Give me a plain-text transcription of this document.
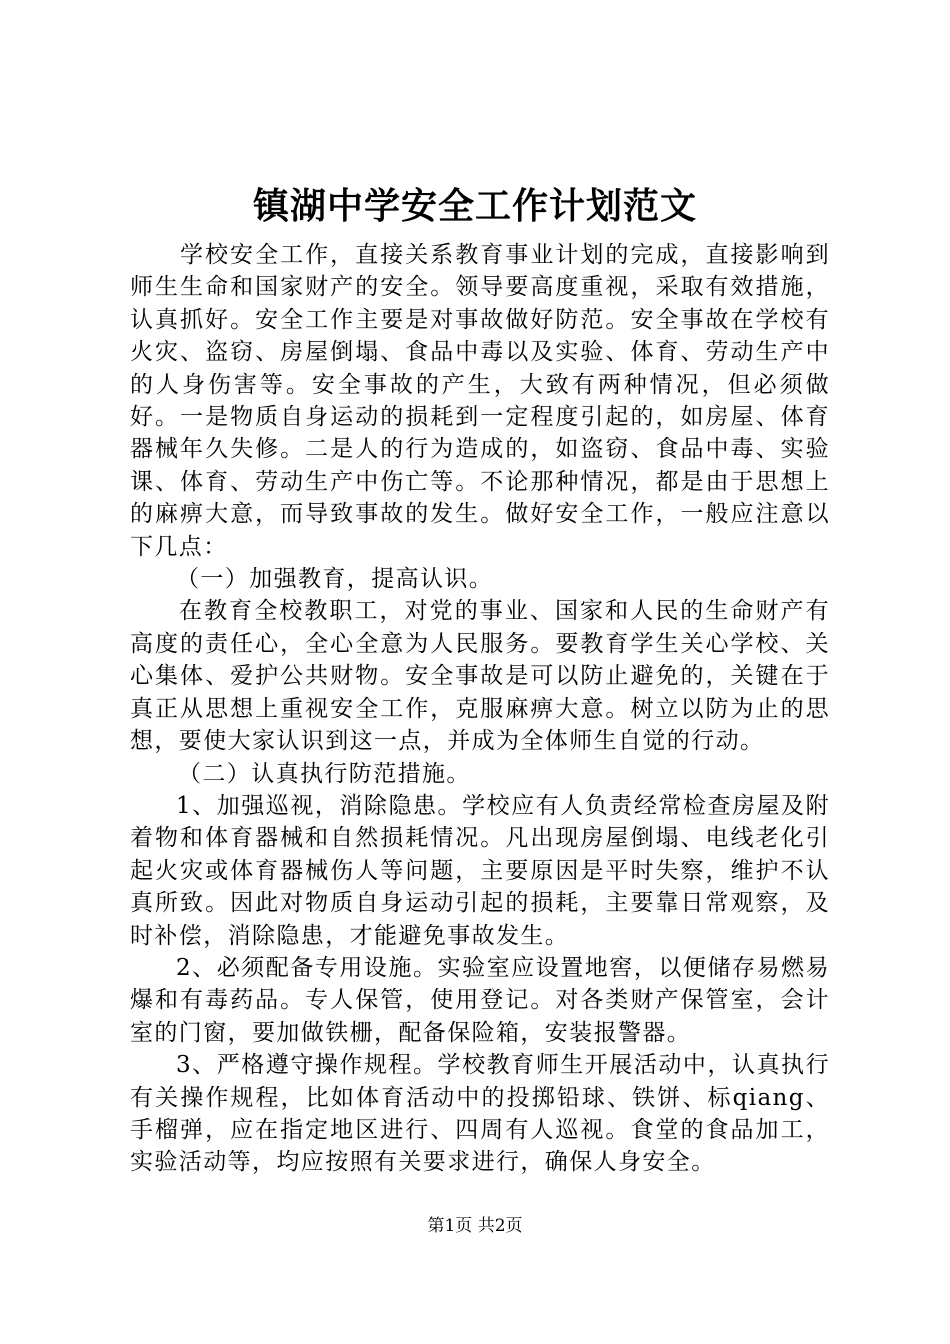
镇湖中学安全工作计划范文

学校安全工作，直接关系教育事业计划的完成，直接影响到师生生命和国家财产的安全。领导要高度重视，采取有效措施，认真抓好。安全工作主要是对事故做好防范。安全事故在学校有火灾、盗窃、房屋倒塌、食品中毒以及实验、体育、劳动生产中的人身伤害等。安全事故的产生，大致有两种情况，但必须做好。一是物质自身运动的损耗到一定程度引起的，如房屋、体育器械年久失修。二是人的行为造成的，如盗窃、食品中毒、实验课、体育、劳动生产中伤亡等。不论那种情况，都是由于思想上的麻痹大意，而导致事故的发生。做好安全工作，一般应注意以下几点：

（一）加强教育，提高认识。

在教育全校教职工，对党的事业、国家和人民的生命财产有高度的责任心，全心全意为人民服务。要教育学生关心学校、关心集体、爱护公共财物。安全事故是可以防止避免的，关键在于真正从思想上重视安全工作，克服麻痹大意。树立以防为止的思想，要使大家认识到这一点，并成为全体师生自觉的行动。

（二）认真执行防范措施。

1、加强巡视，消除隐患。学校应有人负责经常检查房屋及附着物和体育器械和自然损耗情况。凡出现房屋倒塌、电线老化引起火灾或体育器械伤人等问题，主要原因是平时失察，维护不认真所致。因此对物质自身运动引起的损耗，主要靠日常观察，及时补偿，消除隐患，才能避免事故发生。

2、必须配备专用设施。实验室应设置地窖，以便储存易燃易爆和有毒药品。专人保管，使用登记。对各类财产保管室，会计室的门窗，要加做铁栅，配备保险箱，安装报警器。

3、严格遵守操作规程。学校教育师生开展活动中，认真执行有关操作规程，比如体育活动中的投掷铅球、铁饼、标qiang、手榴弹，应在指定地区进行、四周有人巡视。食堂的食品加工，实验活动等，均应按照有关要求进行，确保人身安全。

第1页 共2页
